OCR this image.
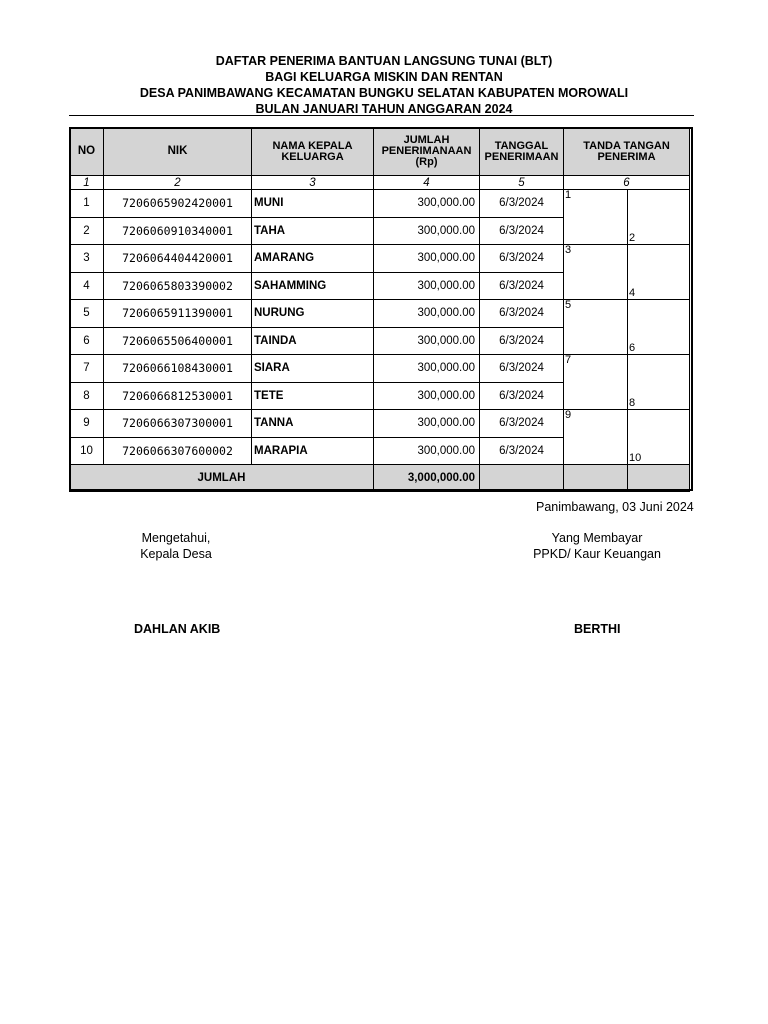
DAFTAR PENERIMA BANTUAN LANGSUNG TUNAI (BLT)
BAGI KELUARGA MISKIN DAN RENTAN
DESA PANIMBAWANG KECAMATAN BUNGKU SELATAN KABUPATEN MOROWALI
BULAN JANUARI TAHUN ANGGARAN 2024
NO	NIK	NAMA KEPALA KELUARGA	JUMLAH PENERIMANAAN (Rp)	TANGGAL PENERIMAAN	TANDA TANGAN PENERIMA	
1	2	3	4	5	6	
1	7206065902420001	MUNI	300,000.00	6/3/2024	1	2

2	7206060910340001	TAHA	300,000.00	6/3/2024		
3	7206064404420001	AMARANG	300,000.00	6/3/2024	3	4

4	7206065803390002	SAHAMMING	300,000.00	6/3/2024		
5	7206065911390001	NURUNG	300,000.00	6/3/2024	5	6

6	7206065506400001	TAINDA	300,000.00	6/3/2024		
7	7206066108430001	SIARA	300,000.00	6/3/2024	7	8

8	7206066812530001	TETE	300,000.00	6/3/2024		
9	7206066307300001	TANNA	300,000.00	6/3/2024	9	10

10	7206066307600002	MARAPIA	300,000.00	6/3/2024		
JUMLAH			3,000,000.00			
Panimbawang, 03 Juni 2024
Mengetahui,
Kepala Desa
DAHLAN AKIB
Yang Membayar
PPKD/ Kaur Keuangan
BERTHI
